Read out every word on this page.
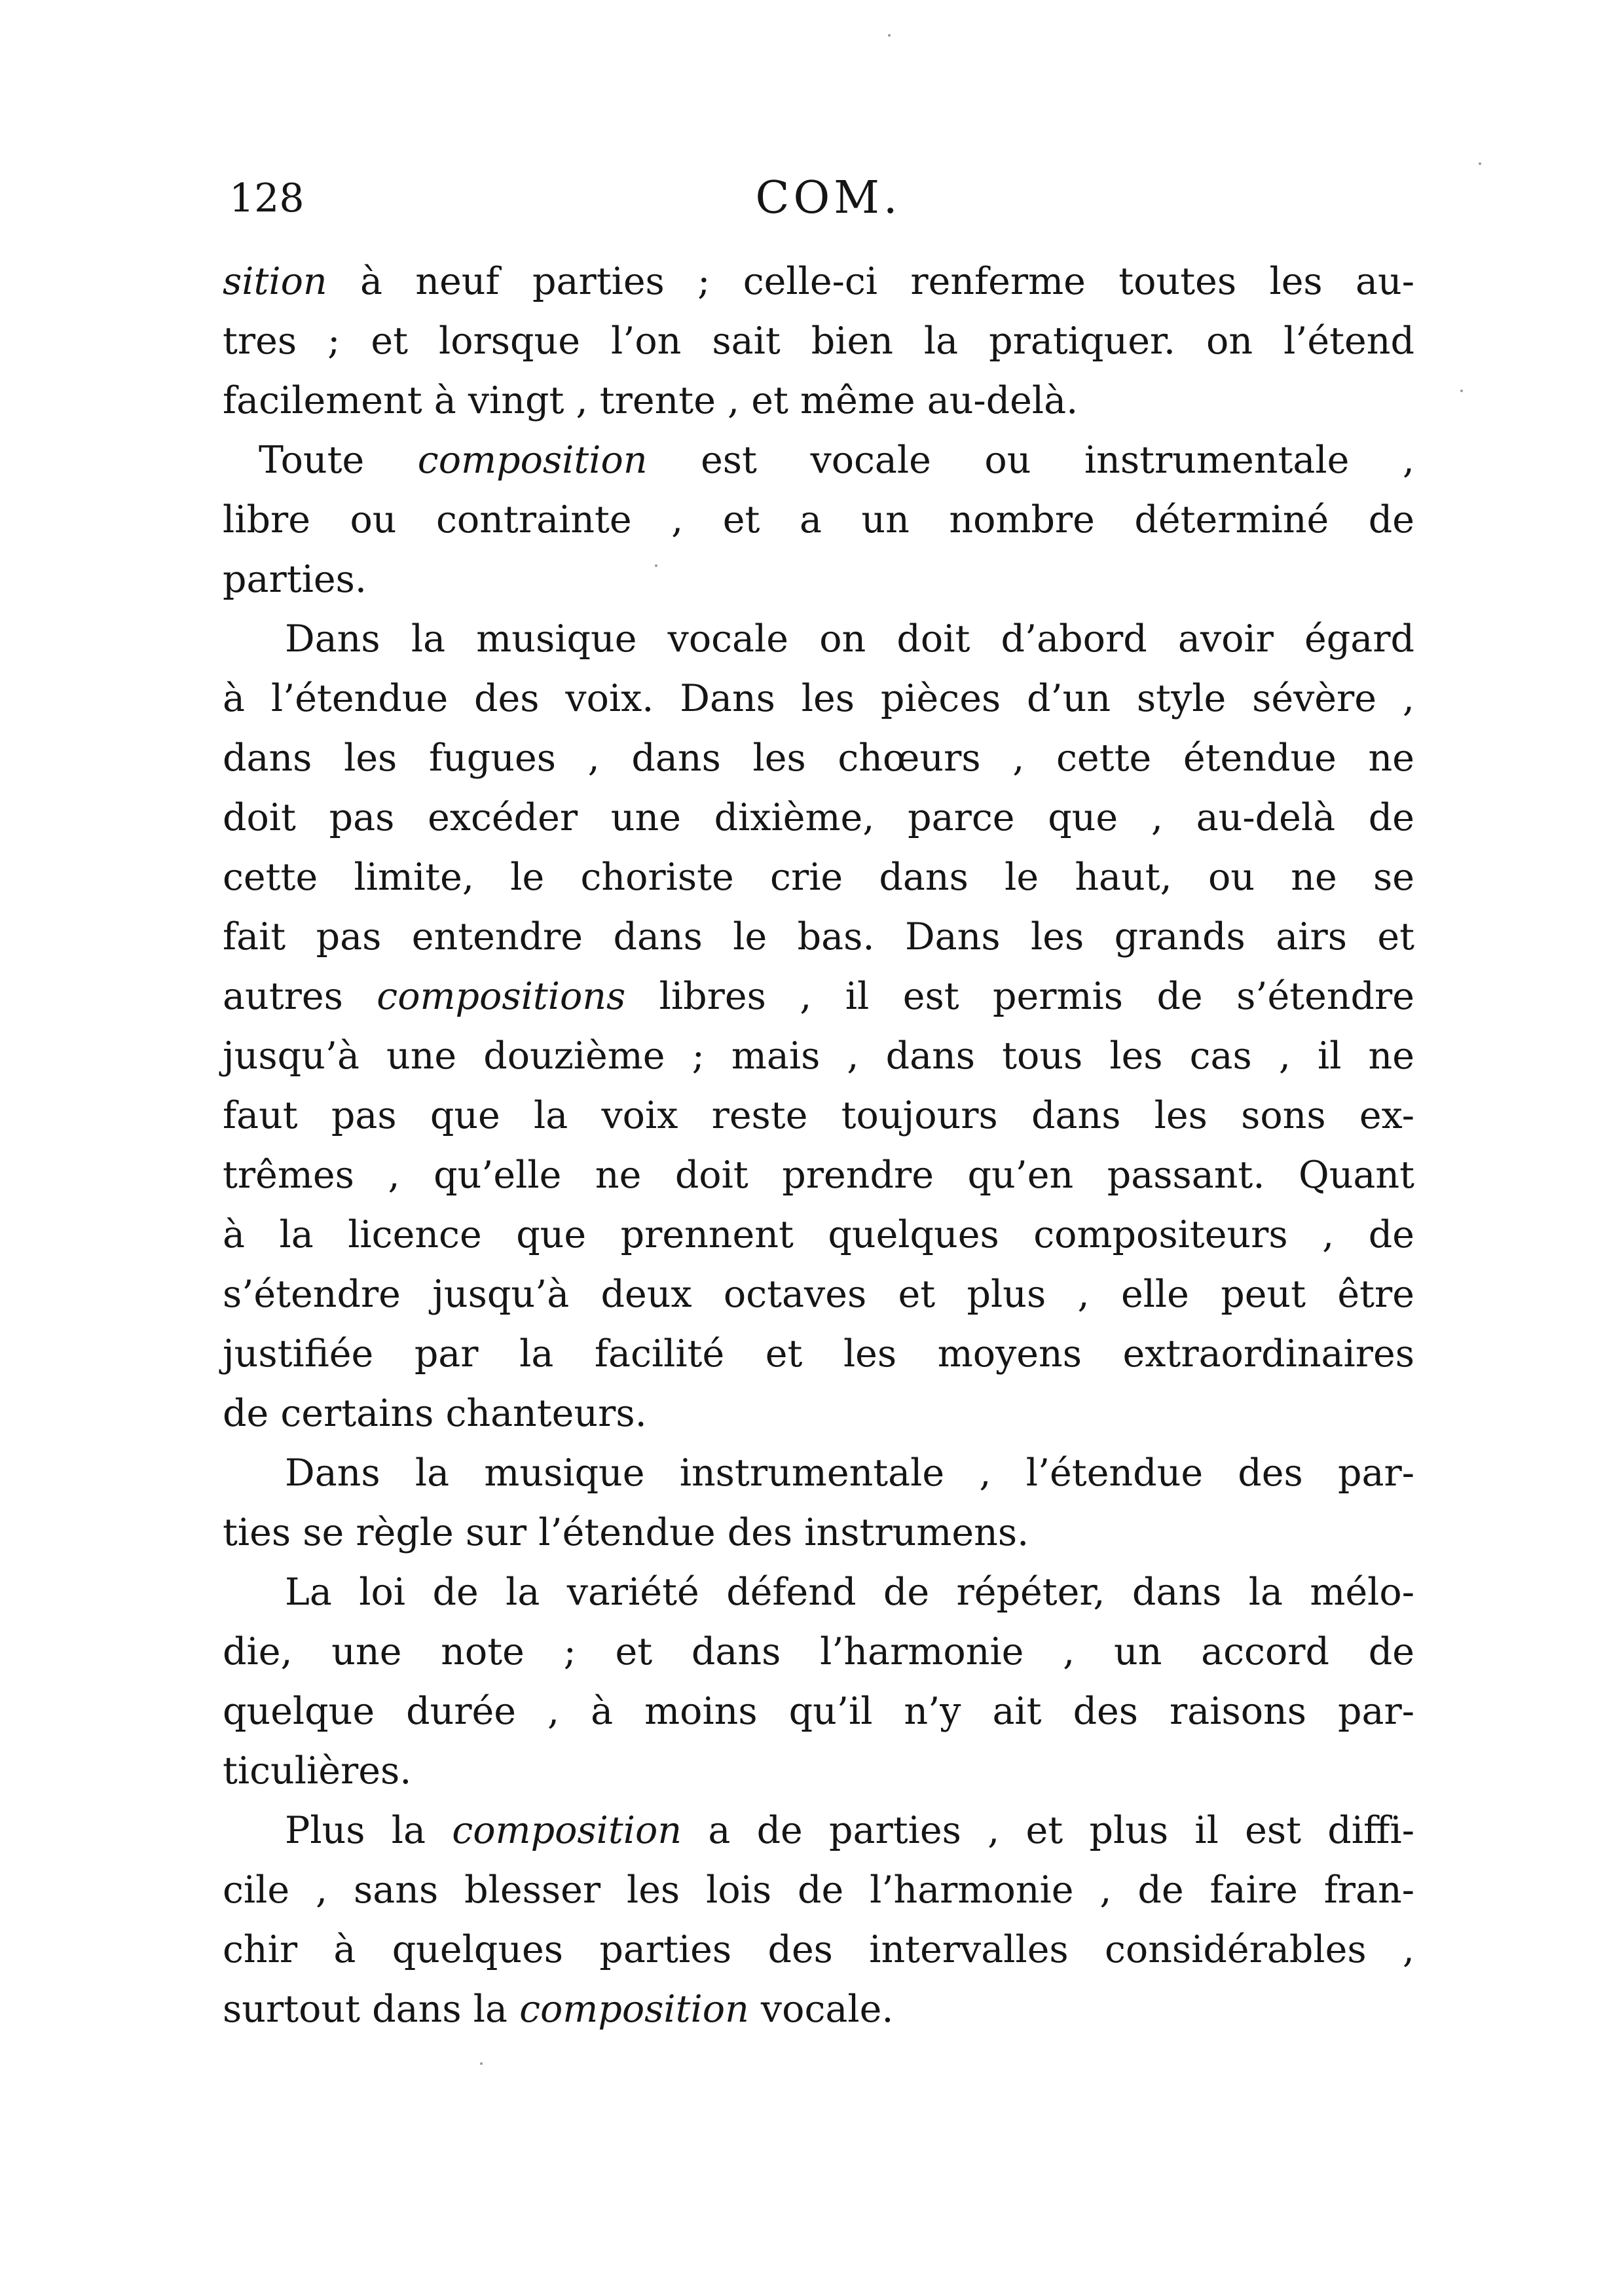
128	COM.
sition à neuf parties ; celle-ci renferme toutes les au-
tres ; et lorsque l’on sait bien la pratiquer. on l’étend
facilement à vingt , trente , et même au-delà.
Toute composition est vocale ou instrumentale ,
libre ou contrainte , et a un nombre déterminé de
parties.
Dans la musique vocale on doit d’abord avoir égard
à l’étendue des voix. Dans les pièces d’un style sévère ,
dans les fugues , dans les chœurs , cette étendue ne
doit pas excéder une dixième, parce que , au-delà de
cette limite, le choriste crie dans le haut, ou ne se
fait pas entendre dans le bas. Dans les grands airs et
autres compositions libres , il est permis de s’étendre
jusqu’à une douzième ; mais , dans tous les cas , il ne
faut pas que la voix reste toujours dans les sons ex-
trêmes , qu’elle ne doit prendre qu’en passant. Quant
à la licence que prennent quelques compositeurs , de
s’étendre jusqu’à deux octaves et plus , elle peut être
justifiée par la facilité et les moyens extraordinaires
de certains chanteurs.
Dans la musique instrumentale , l’étendue des par-
ties se règle sur l’étendue des instrumens.
La loi de la variété défend de répéter, dans la mélo-
die, une note ; et dans l’harmonie , un accord de
quelque durée , à moins qu’il n’y ait des raisons par-
ticulières.
Plus la composition a de parties , et plus il est diffi-
cile , sans blesser les lois de l’harmonie , de faire fran-
chir à quelques parties des intervalles considérables ,
surtout dans la composition vocale.
